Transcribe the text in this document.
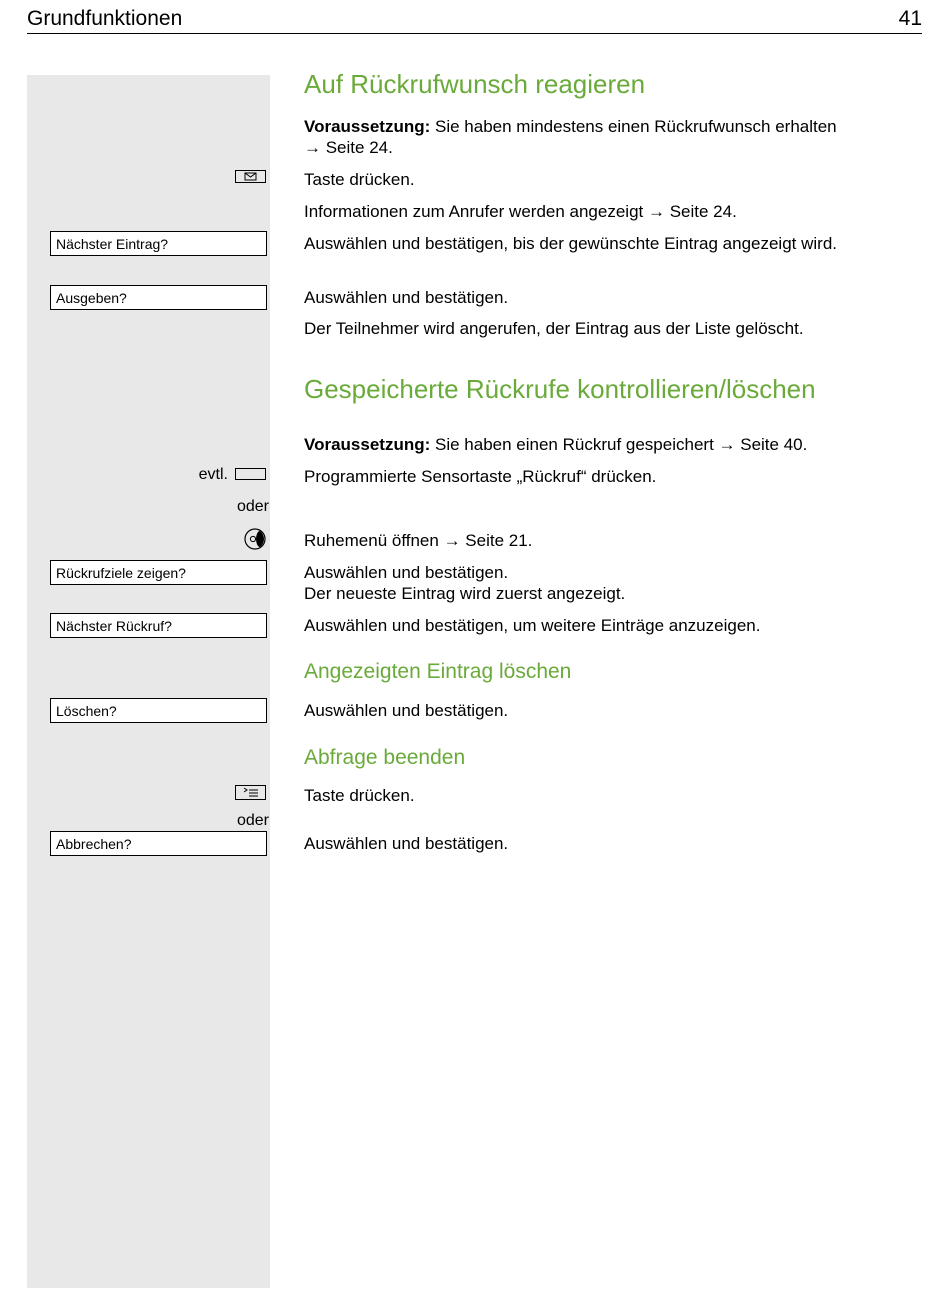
Grundfunktionen	41
Auf Rückrufwunsch reagieren
Voraussetzung: Sie haben mindestens einen Rückrufwunsch erhalten
→ Seite 24.
Taste drücken.
Informationen zum Anrufer werden angezeigt → Seite 24.
Nächster Eintrag?	Auswählen und bestätigen, bis der gewünschte Eintrag angezeigt wird.
Ausgeben?	Auswählen und bestätigen.
Der Teilnehmer wird angerufen, der Eintrag aus der Liste gelöscht.
Gespeicherte Rückrufe kontrollieren/löschen
Voraussetzung: Sie haben einen Rückruf gespeichert → Seite 40.
evtl.	Programmierte Sensortaste „Rückruf“ drücken.
oder
Ruhemenü öffnen → Seite 21.
Rückrufziele zeigen?	Auswählen und bestätigen.
Der neueste Eintrag wird zuerst angezeigt.
Nächster Rückruf?	Auswählen und bestätigen, um weitere Einträge anzuzeigen.
Angezeigten Eintrag löschen
Löschen?	Auswählen und bestätigen.
Abfrage beenden
Taste drücken.
oder
Abbrechen?	Auswählen und bestätigen.
